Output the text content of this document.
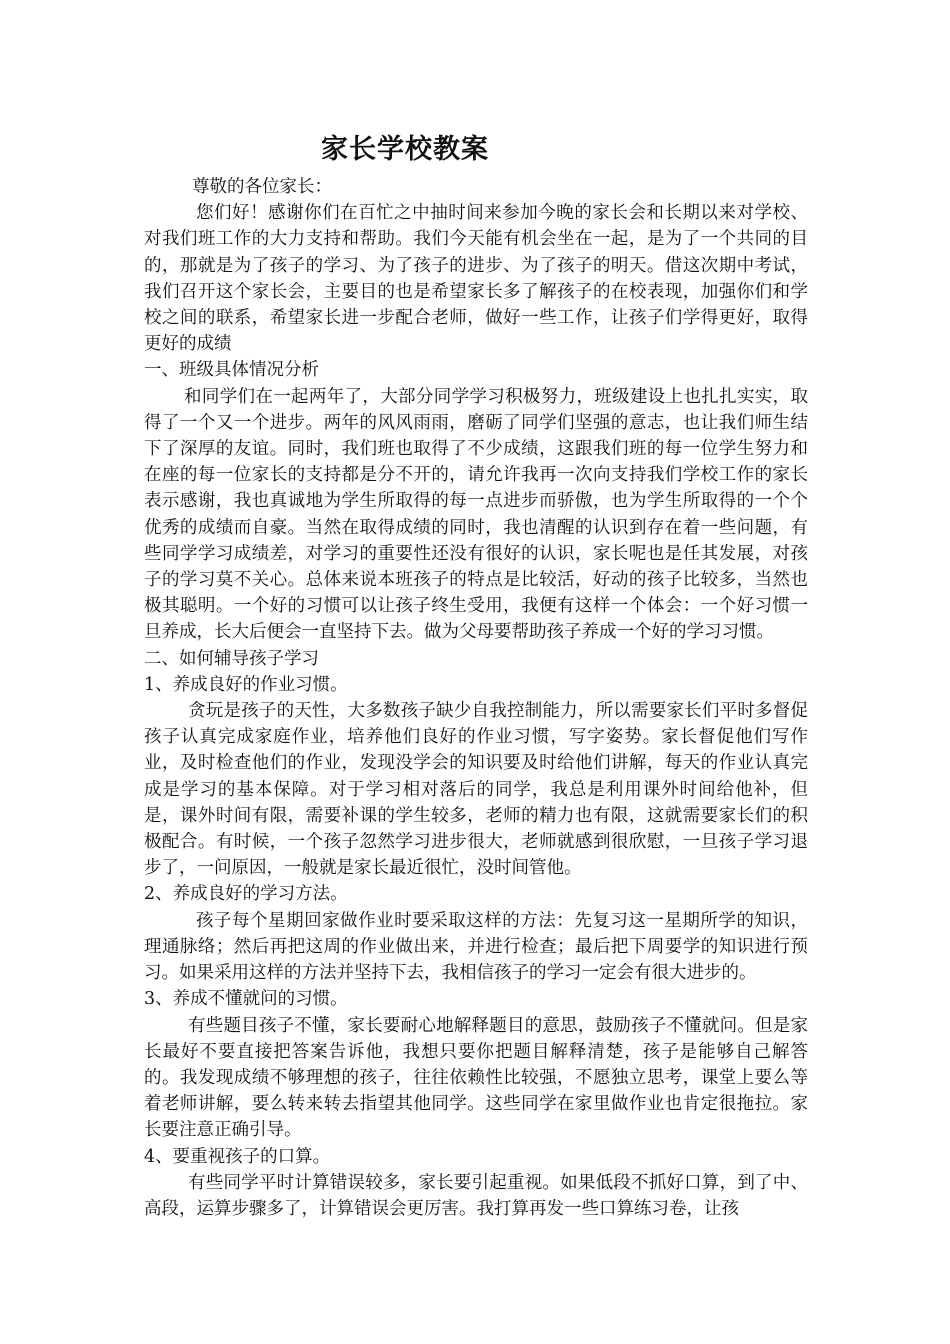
家长学校教案

尊敬的各位家长：

您们好！感谢你们在百忙之中抽时间来参加今晚的家长会和长期以来对学校、对我们班工作的大力支持和帮助。我们今天能有机会坐在一起，是为了一个共同的目的，那就是为了孩子的学习、为了孩子的进步、为了孩子的明天。借这次期中考试，我们召开这个家长会，主要目的也是希望家长多了解孩子的在校表现，加强你们和学校之间的联系，希望家长进一步配合老师，做好一些工作，让孩子们学得更好，取得更好的成绩

一、班级具体情况分析

和同学们在一起两年了，大部分同学学习积极努力，班级建设上也扎扎实实，取得了一个又一个进步。两年的风风雨雨，磨砺了同学们坚强的意志，也让我们师生结下了深厚的友谊。同时，我们班也取得了不少成绩，这跟我们班的每一位学生努力和在座的每一位家长的支持都是分不开的，请允许我再一次向支持我们学校工作的家长表示感谢，我也真诚地为学生所取得的每一点进步而骄傲，也为学生所取得的一个个优秀的成绩而自豪。当然在取得成绩的同时，我也清醒的认识到存在着一些问题，有些同学学习成绩差，对学习的重要性还没有很好的认识，家长呢也是任其发展，对孩子的学习莫不关心。总体来说本班孩子的特点是比较活，好动的孩子比较多，当然也极其聪明。一个好的习惯可以让孩子终生受用，我便有这样一个体会：一个好习惯一旦养成，长大后便会一直坚持下去。做为父母要帮助孩子养成一个好的学习习惯。

二、如何辅导孩子学习

1、养成良好的作业习惯。

贪玩是孩子的天性，大多数孩子缺少自我控制能力，所以需要家长们平时多督促孩子认真完成家庭作业，培养他们良好的作业习惯，写字姿势。家长督促他们写作业，及时检查他们的作业，发现没学会的知识要及时给他们讲解，每天的作业认真完成是学习的基本保障。对于学习相对落后的同学，我总是利用课外时间给他补，但是，课外时间有限，需要补课的学生较多，老师的精力也有限，这就需要家长们的积极配合。有时候，一个孩子忽然学习进步很大，老师就感到很欣慰，一旦孩子学习退步了，一问原因，一般就是家长最近很忙，没时间管他。

2、养成良好的学习方法。

孩子每个星期回家做作业时要采取这样的方法：先复习这一星期所学的知识，理通脉络；然后再把这周的作业做出来，并进行检查；最后把下周要学的知识进行预习。如果采用这样的方法并坚持下去，我相信孩子的学习一定会有很大进步的。

3、养成不懂就问的习惯。

有些题目孩子不懂，家长要耐心地解释题目的意思，鼓励孩子不懂就问。但是家长最好不要直接把答案告诉他，我想只要你把题目解释清楚，孩子是能够自己解答的。我发现成绩不够理想的孩子，往往依赖性比较强，不愿独立思考，课堂上要么等着老师讲解，要么转来转去指望其他同学。这些同学在家里做作业也肯定很拖拉。家长要注意正确引导。

4、要重视孩子的口算。

有些同学平时计算错误较多，家长要引起重视。如果低段不抓好口算，到了中、高段，运算步骤多了，计算错误会更厉害。我打算再发一些口算练习卷，让孩
